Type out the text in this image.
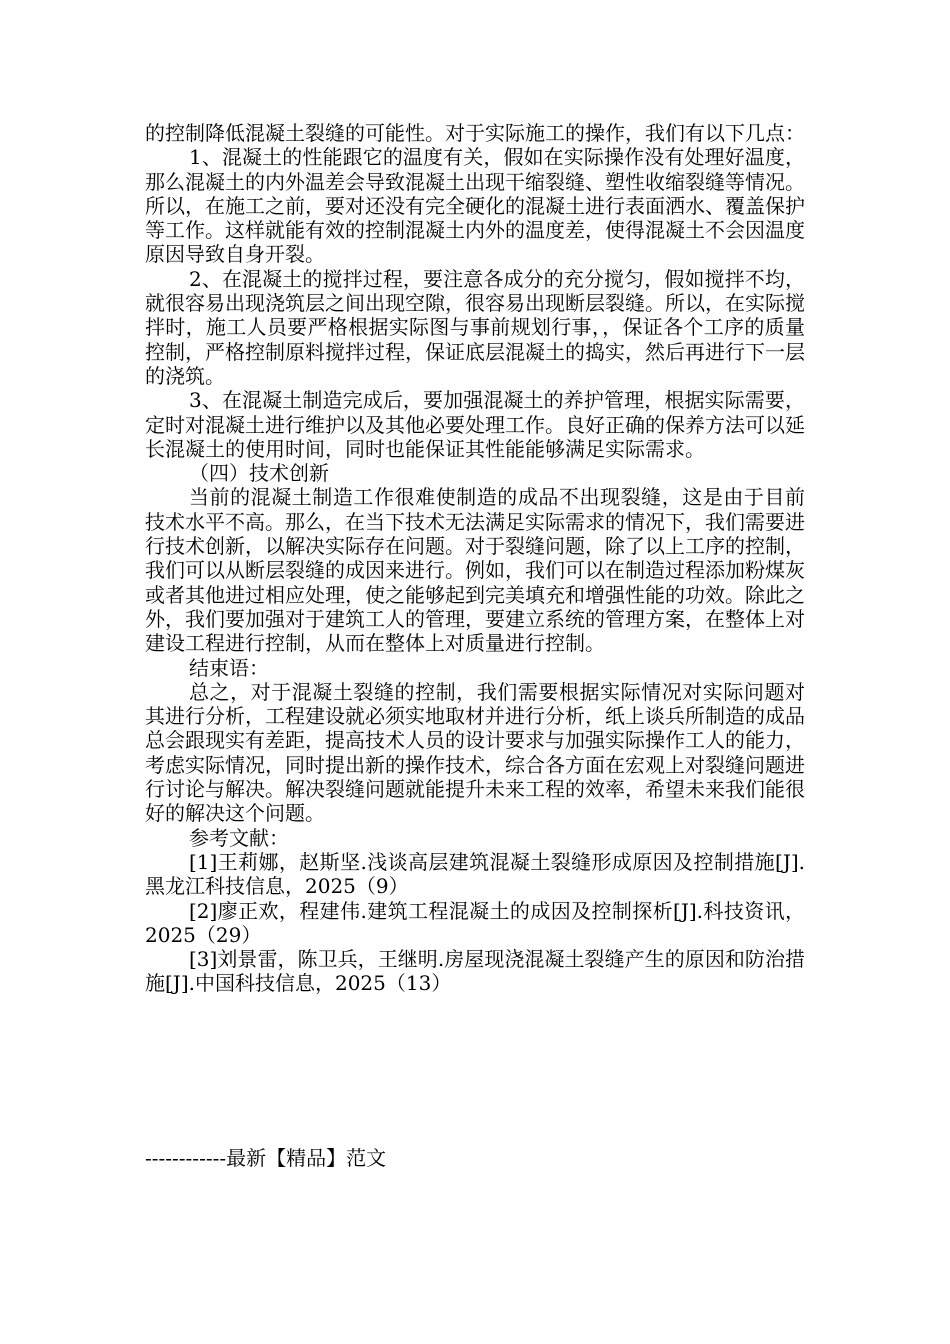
的控制降低混凝土裂缝的可能性。对于实际施工的操作，我们有以下几点：

1、混凝土的性能跟它的温度有关，假如在实际操作没有处理好温度，那么混凝土的内外温差会导致混凝土出现干缩裂缝、塑性收缩裂缝等情况。所以，在施工之前，要对还没有完全硬化的混凝土进行表面洒水、覆盖保护等工作。这样就能有效的控制混凝土内外的温度差，使得混凝土不会因温度原因导致自身开裂。

2、在混凝土的搅拌过程，要注意各成分的充分搅匀，假如搅拌不均，就很容易出现浇筑层之间出现空隙，很容易出现断层裂缝。所以，在实际搅拌时，施工人员要严格根据实际图与事前规划行事，，保证各个工序的质量控制，严格控制原料搅拌过程，保证底层混凝土的捣实，然后再进行下一层的浇筑。

3、在混凝土制造完成后，要加强混凝土的养护管理，根据实际需要，定时对混凝土进行维护以及其他必要处理工作。良好正确的保养方法可以延长混凝土的使用时间，同时也能保证其性能能够满足实际需求。

（四）技术创新

当前的混凝土制造工作很难使制造的成品不出现裂缝，这是由于目前技术水平不高。那么，在当下技术无法满足实际需求的情况下，我们需要进行技术创新，以解决实际存在问题。对于裂缝问题，除了以上工序的控制，我们可以从断层裂缝的成因来进行。例如，我们可以在制造过程添加粉煤灰或者其他进过相应处理，使之能够起到完美填充和增强性能的功效。除此之外，我们要加强对于建筑工人的管理，要建立系统的管理方案，在整体上对建设工程进行控制，从而在整体上对质量进行控制。

结束语：

总之，对于混凝土裂缝的控制，我们需要根据实际情况对实际问题对其进行分析，工程建设就必须实地取材并进行分析，纸上谈兵所制造的成品总会跟现实有差距，提高技术人员的设计要求与加强实际操作工人的能力，考虑实际情况，同时提出新的操作技术，综合各方面在宏观上对裂缝问题进行讨论与解决。解决裂缝问题就能提升未来工程的效率，希望未来我们能很好的解决这个问题。

参考文献：

[1]王莉娜，赵斯坚.浅谈高层建筑混凝土裂缝形成原因及控制措施[J].黑龙江科技信息，2025（9）

[2]廖正欢，程建伟.建筑工程混凝土的成因及控制探析[J].科技资讯，2025（29）

[3]刘景雷，陈卫兵，王继明.房屋现浇混凝土裂缝产生的原因和防治措施[J].中国科技信息，2025（13）

------------最新【精品】范文
